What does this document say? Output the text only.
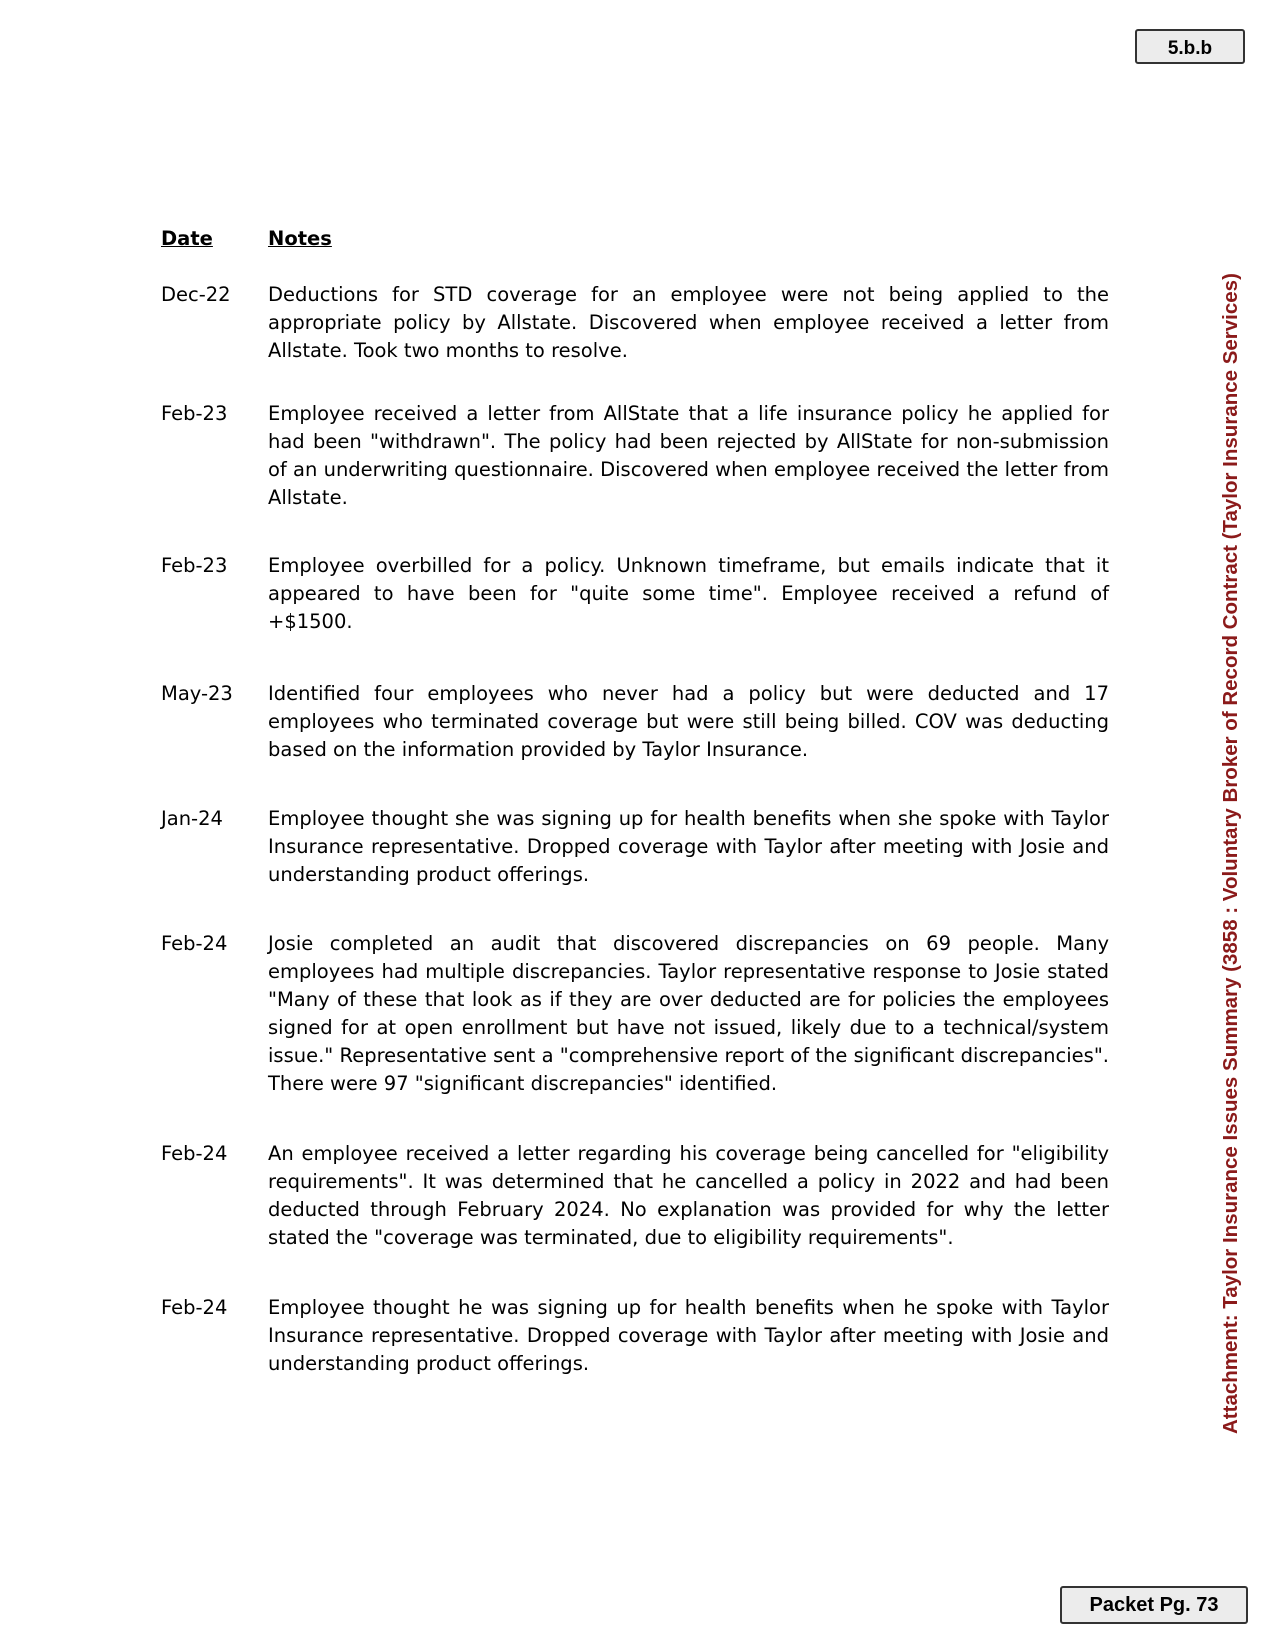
5.b.b
Attachment: Taylor Insurance Issues Summary (3858 : Voluntary Broker of Record Contract (Taylor Insurance Services)
Date	Notes
Dec-22	Deductions for STD coverage for an employee were not being applied to the appropriate policy by Allstate. Discovered when employee received a letter from Allstate. Took two months to resolve.
Feb-23	Employee received a letter from AllState that a life insurance policy he applied for had been "withdrawn". The policy had been rejected by AllState for non-submission of an underwriting questionnaire. Discovered when employee received the letter from Allstate.
Feb-23	Employee overbilled for a policy. Unknown timeframe, but emails indicate that it appeared to have been for "quite some time". Employee received a refund of +$1500.
May-23	Identified four employees who never had a policy but were deducted and 17 employees who terminated coverage but were still being billed. COV was deducting based on the information provided by Taylor Insurance.
Jan-24	Employee thought she was signing up for health benefits when she spoke with Taylor Insurance representative. Dropped coverage with Taylor after meeting with Josie and understanding product offerings.
Feb-24	Josie completed an audit that discovered discrepancies on 69 people. Many employees had multiple discrepancies. Taylor representative response to Josie stated "Many of these that look as if they are over deducted are for policies the employees signed for at open enrollment but have not issued, likely due to a technical/system issue." Representative sent a "comprehensive report of the significant discrepancies". There were 97 "significant discrepancies" identified.
Feb-24	An employee received a letter regarding his coverage being cancelled for "eligibility requirements". It was determined that he cancelled a policy in 2022 and had been deducted through February 2024. No explanation was provided for why the letter stated the "coverage was terminated, due to eligibility requirements".
Feb-24	Employee thought he was signing up for health benefits when he spoke with Taylor Insurance representative. Dropped coverage with Taylor after meeting with Josie and understanding product offerings.
Packet Pg. 73
